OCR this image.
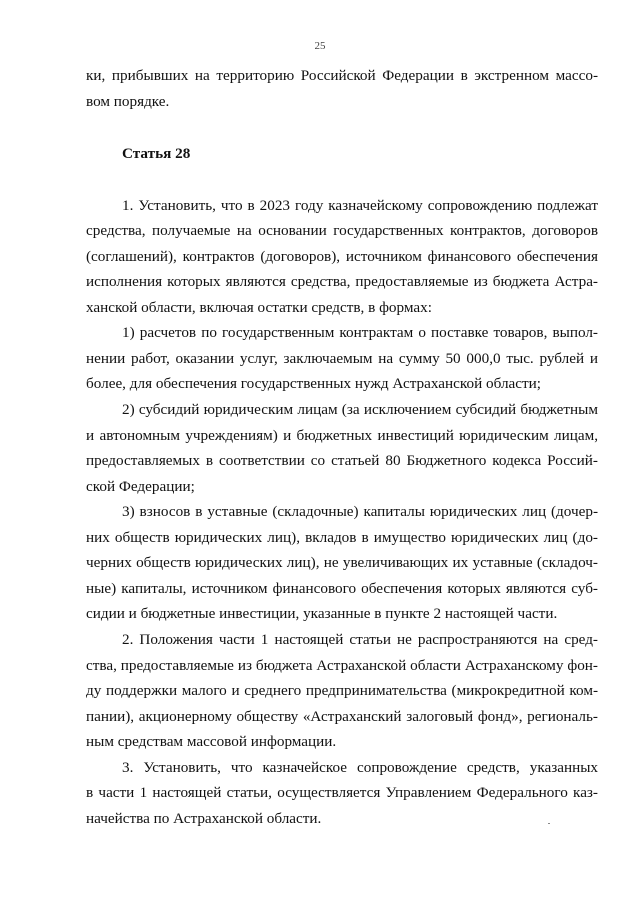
25
ки, прибывших на территорию Российской Федерации в экстренном массо-
вом порядке.
Статья 28
1. Установить, что в 2023 году казначейскому сопровождению подлежат
средства, получаемые на основании государственных контрактов, договоров
(соглашений), контрактов (договоров), источником финансового обеспечения
исполнения которых являются средства, предоставляемые из бюджета Астра-
ханской области, включая остатки средств, в формах:
1) расчетов по государственным контрактам о поставке товаров, выпол-
нении работ, оказании услуг, заключаемым на сумму 50 000,0 тыс. рублей и
более, для обеспечения государственных нужд Астраханской области;
2) субсидий юридическим лицам (за исключением субсидий бюджетным
и автономным учреждениям) и бюджетных инвестиций юридическим лицам,
предоставляемых в соответствии со статьей 80 Бюджетного кодекса Россий-
ской Федерации;
3) взносов в уставные (складочные) капиталы юридических лиц (дочер-
них обществ юридических лиц), вкладов в имущество юридических лиц (до-
черних обществ юридических лиц), не увеличивающих их уставные (складоч-
ные) капиталы, источником финансового обеспечения которых являются суб-
сидии и бюджетные инвестиции, указанные в пункте 2 настоящей части.
2. Положения части 1 настоящей статьи не распространяются на сред-
ства, предоставляемые из бюджета Астраханской области Астраханскому фон-
ду поддержки малого и среднего предпринимательства (микрокредитной ком-
пании), акционерному обществу «Астраханский залоговый фонд», региональ-
ным средствам массовой информации.
3. Установить, что казначейское сопровождение средств, указанных
в части 1 настоящей статьи, осуществляется Управлением Федерального каз-
начейства по Астраханской области.
